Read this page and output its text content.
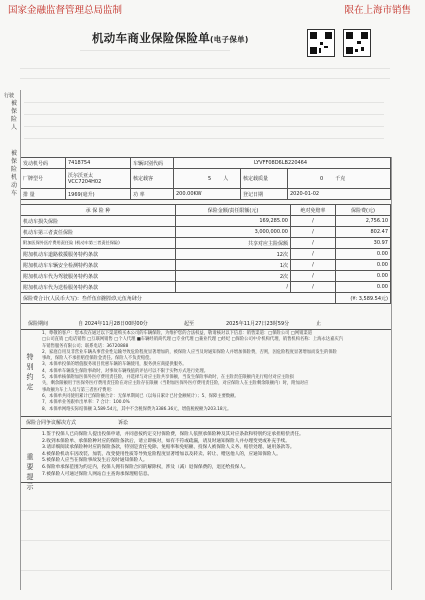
国家金融监督管理总局监制	限在上海市销售
机动车商业保险保险单(电子保单)
行驶
被
保
险
人
被
保
险
机
动
车
发动机号码	7418754	车辆识别代码	LYVFF08D6LB220464		
厂牌型号	沃尔沃亚太
VCC7204H02	核定载客	5 人	核定载质量	0 千克
排 量	1969(毫升)	功 率	200.00KW	登记日期	2020-01-02
承 保 险 种	保险金额/责任限额(元)	绝对免赔率	保险费(元)
机动车损失保险	169,285.00	/	2,756.10
机动车第三者责任保险	3,000,000.00	/	802.47
附加医保外医疗费用责任险 (机动车第三者责任保险)	共享对应主险保额	/	30.97
附加机动车道路救援服务特约条款	12次	/	0.00
附加机动车车辆安全检测特约条款	1次	/	0.00
附加机动车代为驾驶服务特约条款	2次	/	0.00
附加机动车代为送检服务特约条款	/	/	0.00
保险费合计(人民币大写)：叁仟伍佰捌拾玖元伍角肆分			(¥: 3,589.54元)
保险期间	自 2024年11月28日00时00分	起至	2025年11月27日23时59分	止
特
别
约
定
1、尊敬的客户：您本次在通过以下渠道购买本公司的车辆保险，为维护您的合法权益，敬请核对以下信息：销售渠道：□保险公司 □网销渠道
□公司直销 □电话销售 □互联网销售 □个人代理 ■车辆经销商代理 □专业代理 □兼业代理 □经纪 □保险公司中介机构代理，销售机构名称：上海永达嘉庆汽
车销售服务有限公司；联系电话：36720888
2、家庭自用及非营业车辆从事营业性运输导致危险程度显著增加的，被保险人应当及时通知保险人并增加保险费，否则，因危险程度显著增加而发生的保险
事故，保险人不承担赔偿保险金责任。保险人不负责赔偿。
3、本保单投保的增值服务项目优惠车辆的车辆使用，服务供应商提供服务。
4、本保单车辆发生保险事故时，对事故车辆残值的评估可以不限于实物方式进行处理。
5、本保单核保附加医保外医疗费用责任险，并选择与对应主险共享保额，当发生保险事故时，在主险责任限额内先行赔付对应主险损
失，剩余限额用于医保外医疗费用责任险在对应主险存在限额（当附加医保外医疗费用责任险，对应保险人在主险剩余限额内）时，附加对应
事故额为车上人员与第三者医疗费用：
6、本保单共同使用累计已保险额合计：无保单期间已（以每日累计已付金额统计）；5、保障主要数额。
7、本保单业务跟单出单率：7 合计：100.0%
8、本保单网络实际结保额 3,589.54元，其中不含税保费为3386.36元，增值税税额为203.18元。
保险合同争议解决方式	诉讼
重
要
提
示
1.鉴于投保人已向保险人提出投保申请，并同意按约定交付保险费，保险人依照承保险种及其对应条款和特别约定承担赔偿责任。
2.收到本保险单、承保险种对应的保险条款后，请立即核对，如有不符或疏漏，请及时通知保险人并办理变更或补充手续。
3.请详细阅读承保险种对应的保险条款，特别是责任免除、免赔率和免赔额、投保人被保险人义务、赔偿处理、通用条款等。
4.被保险机动车因改装、加装、改变使用性质等导致危险程度显著增加以及转卖、转让、赠送他人的，应通知保险人。
5.被保险人应当在保险事故发生后及时通知保险人。
6.保险单承保范围为约定内，投保人拥有保险合同的解除权，涉及（减）退保保费的，退还给投保人。
7.被保险人可通过保险人网站自主查询承保理赔信息。
